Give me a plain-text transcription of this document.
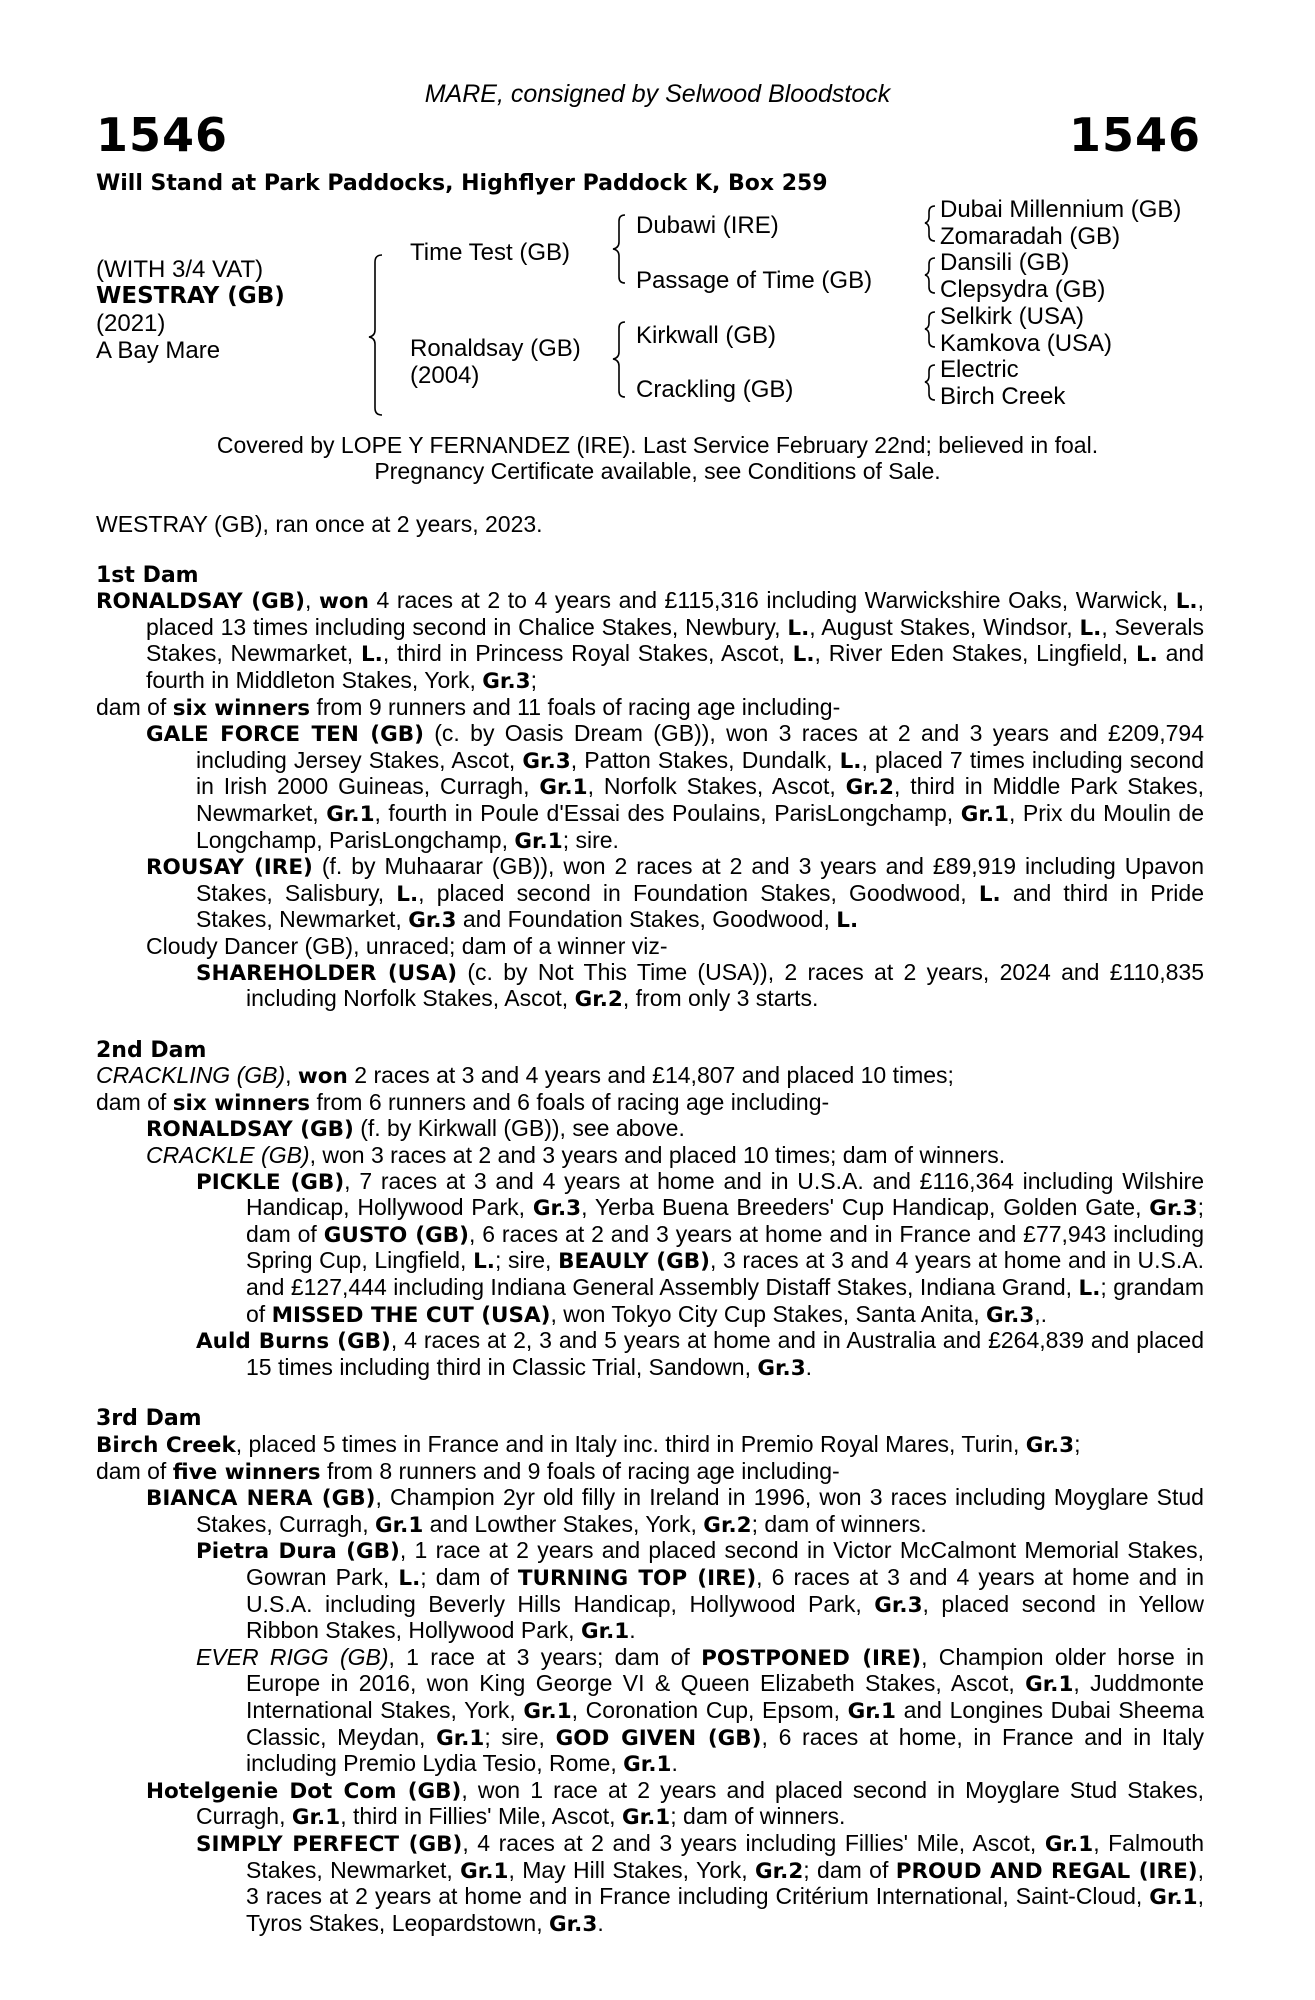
MARE, consigned by Selwood Bloodstock
1546	1546
Will Stand at Park Paddocks, Highflyer Paddock K, Box 259
(WITH 3/4 VAT)
WESTRAY (GB)
(2021)
A Bay Mare
Time Test (GB)
Ronaldsay (GB)
(2004)
Dubawi (IRE)
Passage of Time (GB)
Kirkwall (GB)
Crackling (GB)
Dubai Millennium (GB)
Zomaradah (GB)
Dansili (GB)
Clepsydra (GB)
Selkirk (USA)
Kamkova (USA)
Electric
Birch Creek
Covered by LOPE Y FERNANDEZ (IRE). Last Service February 22nd; believed in foal.
Pregnancy Certificate available, see Conditions of Sale.

WESTRAY (GB), ran once at 2 years, 2023.

1st Dam

RONALDSAY (GB), won 4 races at 2 to 4 years and £115,316 including Warwickshire Oaks, Warwick, L., placed 13 times including second in Chalice Stakes, Newbury, L., August Stakes, Windsor, L., Severals Stakes, Newmarket, L., third in Princess Royal Stakes, Ascot, L., River Eden Stakes, Lingfield, L. and fourth in Middleton Stakes, York, Gr.3;

dam of six winners from 9 runners and 11 foals of racing age including-

GALE FORCE TEN (GB) (c. by Oasis Dream (GB)), won 3 races at 2 and 3 years and £209,794 including Jersey Stakes, Ascot, Gr.3, Patton Stakes, Dundalk, L., placed 7 times including second in Irish 2000 Guineas, Curragh, Gr.1, Norfolk Stakes, Ascot, Gr.2, third in Middle Park Stakes, Newmarket, Gr.1, fourth in Poule d'Essai des Poulains, ParisLongchamp, Gr.1, Prix du Moulin de Longchamp, ParisLongchamp, Gr.1; sire.

ROUSAY (IRE) (f. by Muhaarar (GB)), won 2 races at 2 and 3 years and £89,919 including Upavon Stakes, Salisbury, L., placed second in Foundation Stakes, Goodwood, L. and third in Pride Stakes, Newmarket, Gr.3 and Foundation Stakes, Goodwood, L.

Cloudy Dancer (GB), unraced; dam of a winner viz-

SHAREHOLDER (USA) (c. by Not This Time (USA)), 2 races at 2 years, 2024 and £110,835 including Norfolk Stakes, Ascot, Gr.2, from only 3 starts.

2nd Dam

CRACKLING (GB), won 2 races at 3 and 4 years and £14,807 and placed 10 times;

dam of six winners from 6 runners and 6 foals of racing age including-

RONALDSAY (GB) (f. by Kirkwall (GB)), see above.

CRACKLE (GB), won 3 races at 2 and 3 years and placed 10 times; dam of winners.

PICKLE (GB), 7 races at 3 and 4 years at home and in U.S.A. and £116,364 including Wilshire Handicap, Hollywood Park, Gr.3, Yerba Buena Breeders' Cup Handicap, Golden Gate, Gr.3; dam of GUSTO (GB), 6 races at 2 and 3 years at home and in France and £77,943 including Spring Cup, Lingfield, L.; sire, BEAULY (GB), 3 races at 3 and 4 years at home and in U.S.A. and £127,444 including Indiana General Assembly Distaff Stakes, Indiana Grand, L.; grandam of MISSED THE CUT (USA), won Tokyo City Cup Stakes, Santa Anita, Gr.3,.

Auld Burns (GB), 4 races at 2, 3 and 5 years at home and in Australia and £264,839 and placed 15 times including third in Classic Trial, Sandown, Gr.3.

3rd Dam

Birch Creek, placed 5 times in France and in Italy inc. third in Premio Royal Mares, Turin, Gr.3;

dam of five winners from 8 runners and 9 foals of racing age including-

BIANCA NERA (GB), Champion 2yr old filly in Ireland in 1996, won 3 races including Moyglare Stud Stakes, Curragh, Gr.1 and Lowther Stakes, York, Gr.2; dam of winners.

Pietra Dura (GB), 1 race at 2 years and placed second in Victor McCalmont Memorial Stakes, Gowran Park, L.; dam of TURNING TOP (IRE), 6 races at 3 and 4 years at home and in U.S.A. including Beverly Hills Handicap, Hollywood Park, Gr.3, placed second in Yellow Ribbon Stakes, Hollywood Park, Gr.1.

EVER RIGG (GB), 1 race at 3 years; dam of POSTPONED (IRE), Champion older horse in Europe in 2016, won King George VI & Queen Elizabeth Stakes, Ascot, Gr.1, Juddmonte International Stakes, York, Gr.1, Coronation Cup, Epsom, Gr.1 and Longines Dubai Sheema Classic, Meydan, Gr.1; sire, GOD GIVEN (GB), 6 races at home, in France and in Italy including Premio Lydia Tesio, Rome, Gr.1.

Hotelgenie Dot Com (GB), won 1 race at 2 years and placed second in Moyglare Stud Stakes, Curragh, Gr.1, third in Fillies' Mile, Ascot, Gr.1; dam of winners.

SIMPLY PERFECT (GB), 4 races at 2 and 3 years including Fillies' Mile, Ascot, Gr.1, Falmouth Stakes, Newmarket, Gr.1, May Hill Stakes, York, Gr.2; dam of PROUD AND REGAL (IRE), 3 races at 2 years at home and in France including Critérium International, Saint-Cloud, Gr.1, Tyros Stakes, Leopardstown, Gr.3.
